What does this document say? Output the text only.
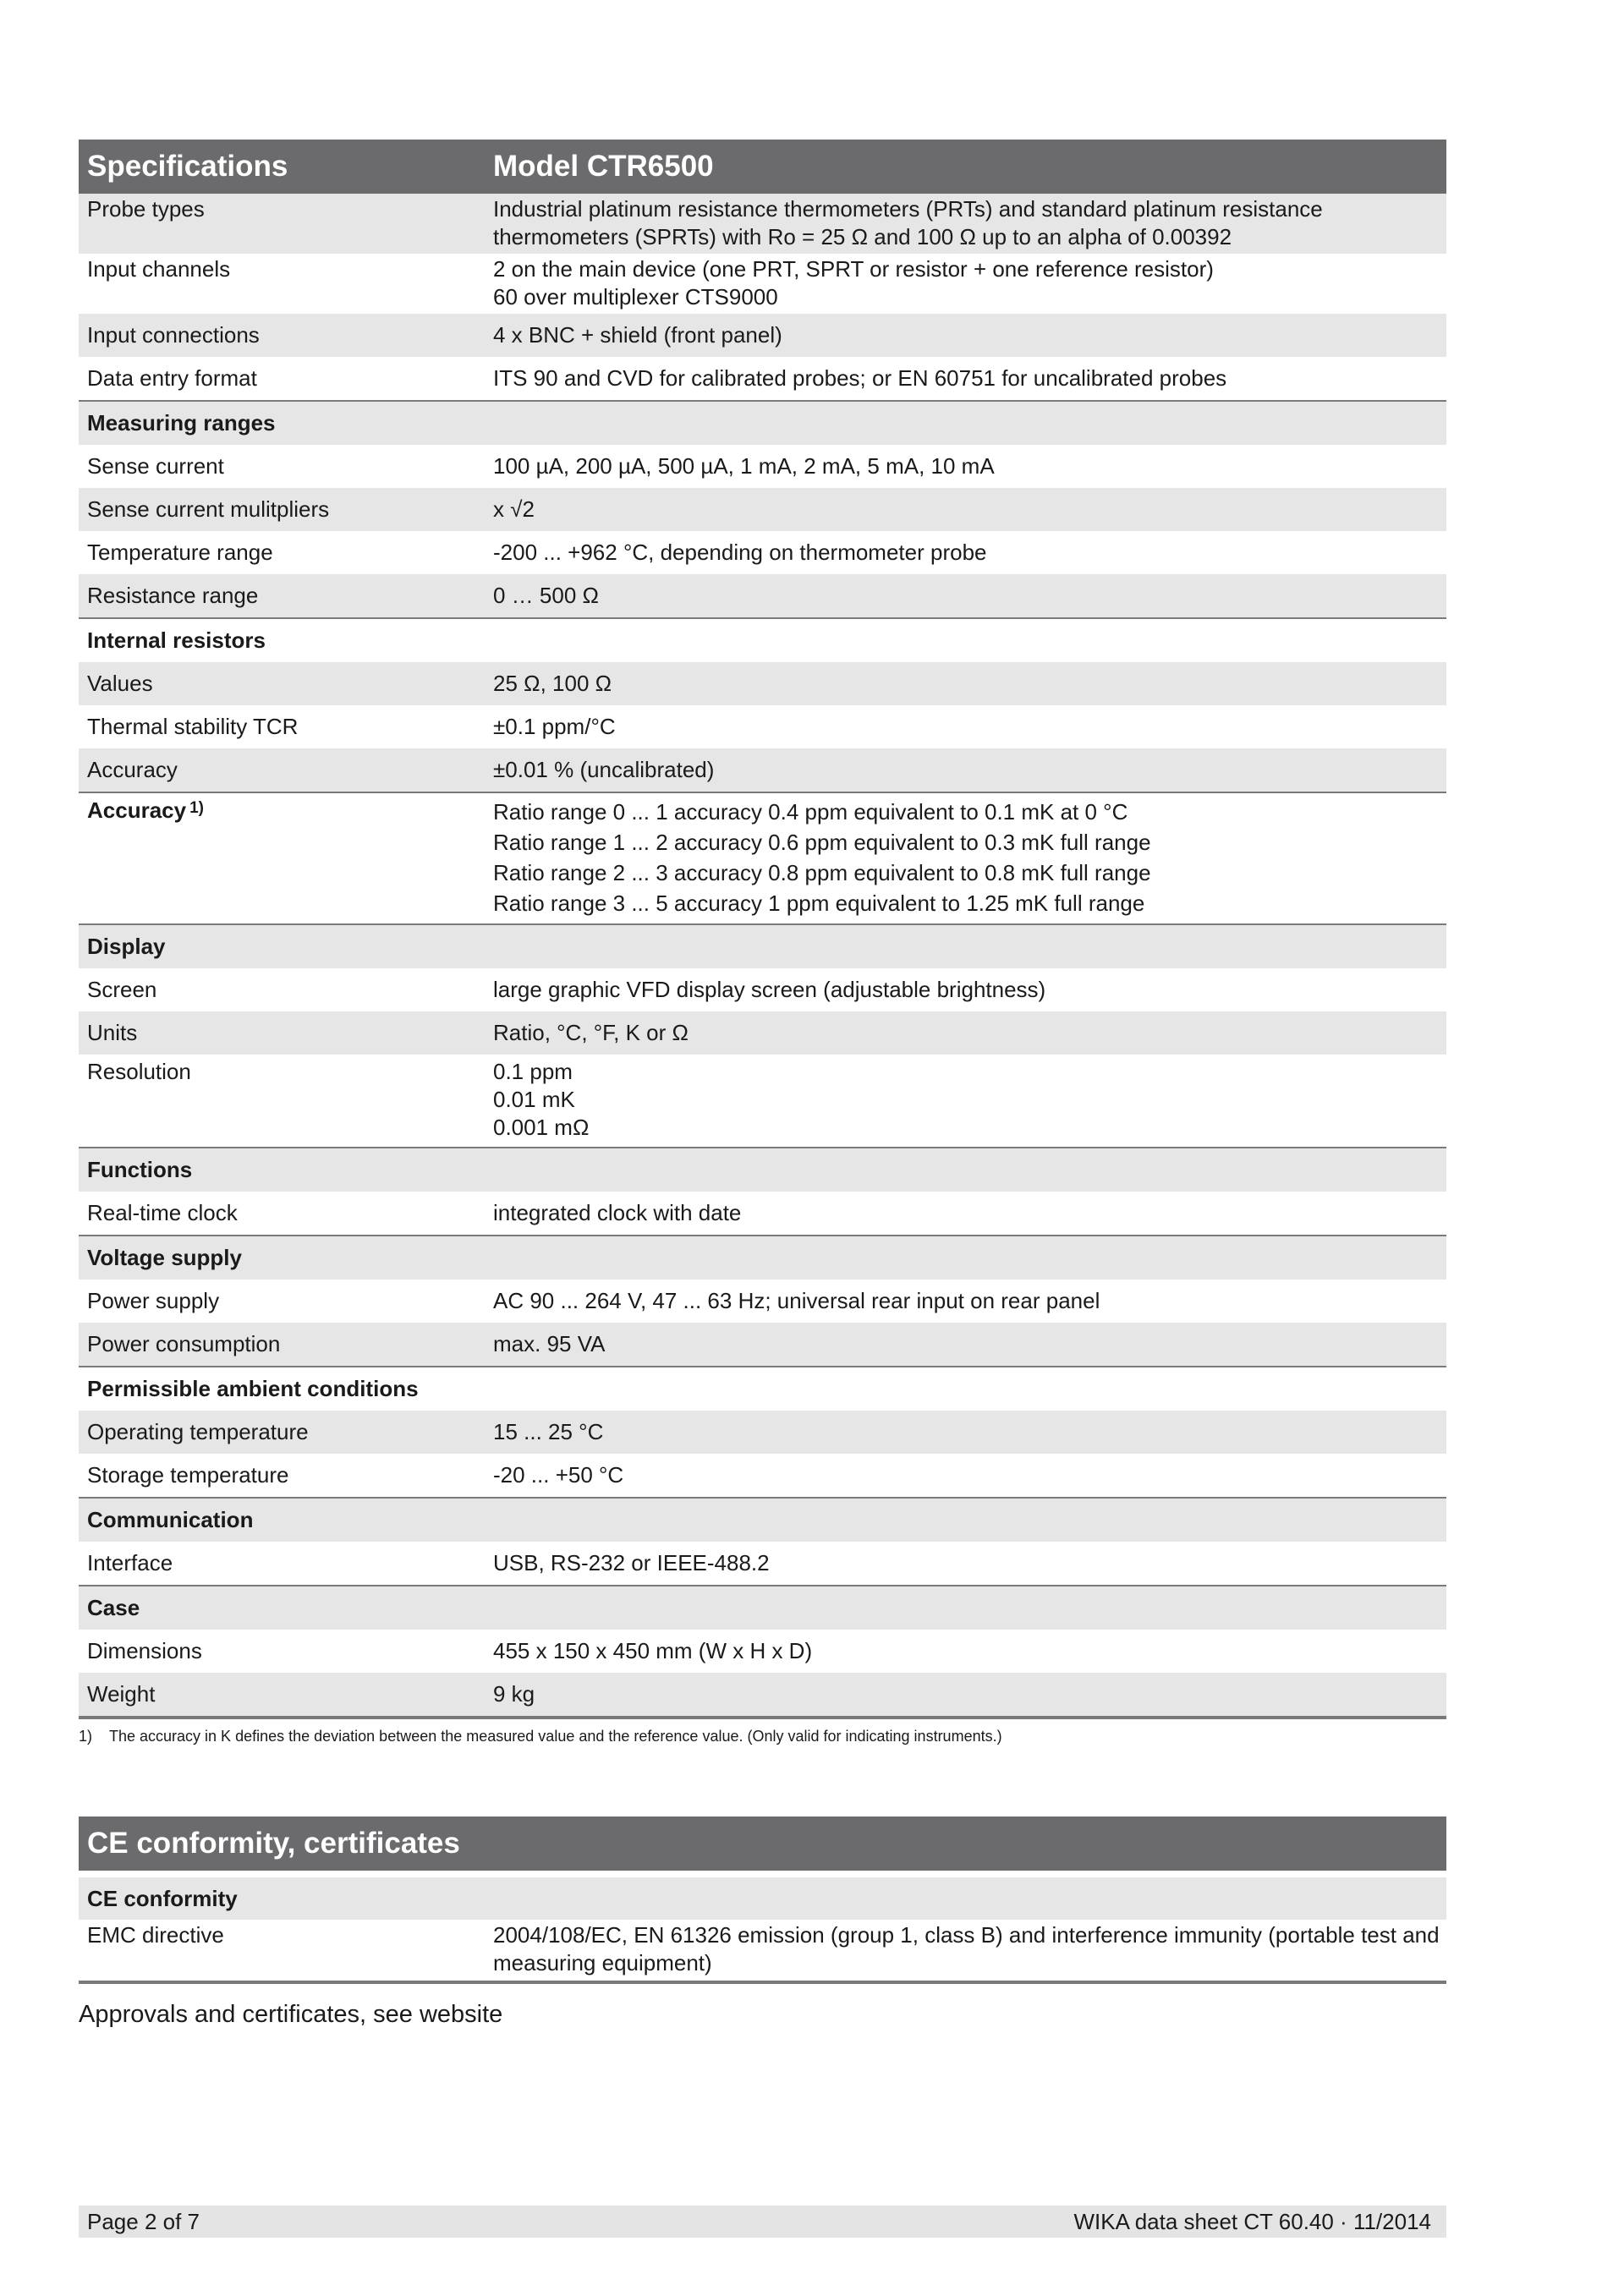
Specifications	Model CTR6500
Probe types	Industrial platinum resistance thermometers (PRTs) and standard platinum resistance
thermometers (SPRTs) with Ro = 25 Ω and 100 Ω up to an alpha of 0.00392
Input channels	2 on the main device (one PRT, SPRT or resistor + one reference resistor)
60 over multiplexer CTS9000
Input connections	4 x BNC + shield (front panel)
Data entry format	ITS 90 and CVD for calibrated probes; or EN 60751 for uncalibrated probes
Measuring ranges
Sense current	100 µA, 200 µA, 500 µA, 1 mA, 2 mA, 5 mA, 10 mA
Sense current mulitpliers	x √2
Temperature range	-200 ... +962 °C, depending on thermometer probe
Resistance range	0 … 500 Ω
Internal resistors
Values	25 Ω, 100 Ω
Thermal stability TCR	±0.1 ppm/°C
Accuracy	±0.01 % (uncalibrated)
Accuracy $^{1)}$	Ratio range 0 ... 1 accuracy 0.4 ppm equivalent to 0.1 mK at 0 °C
Ratio range 1 ... 2 accuracy 0.6 ppm equivalent to 0.3 mK full range
Ratio range 2 ... 3 accuracy 0.8 ppm equivalent to 0.8 mK full range
Ratio range 3 ... 5 accuracy 1 ppm equivalent to 1.25 mK full range
Display
Screen	large graphic VFD display screen (adjustable brightness)
Units	Ratio, °C, °F, K or Ω
Resolution	0.1 ppm
0.01 mK
0.001 mΩ
Functions
Real-time clock	integrated clock with date
Voltage supply
Power supply	AC 90 ... 264 V, 47 ... 63 Hz; universal rear input on rear panel
Power consumption	max. 95 VA
Permissible ambient conditions
Operating temperature	15 ... 25 °C
Storage temperature	-20 ... +50 °C
Communication
Interface	USB, RS-232 or IEEE-488.2
Case
Dimensions	455 x 150 x 450 mm (W x H x D)
Weight	9 kg
1)	The accuracy in K defines the deviation between the measured value and the reference value. (Only valid for indicating instruments.)
CE conformity, certificates
CE conformity
EMC directive	2004/108/EC, EN 61326 emission (group 1, class B) and interference immunity (portable test and
measuring equipment)
Approvals and certificates, see website
Page 2 of 7	WIKA data sheet CT 60.40 · 11/2014
